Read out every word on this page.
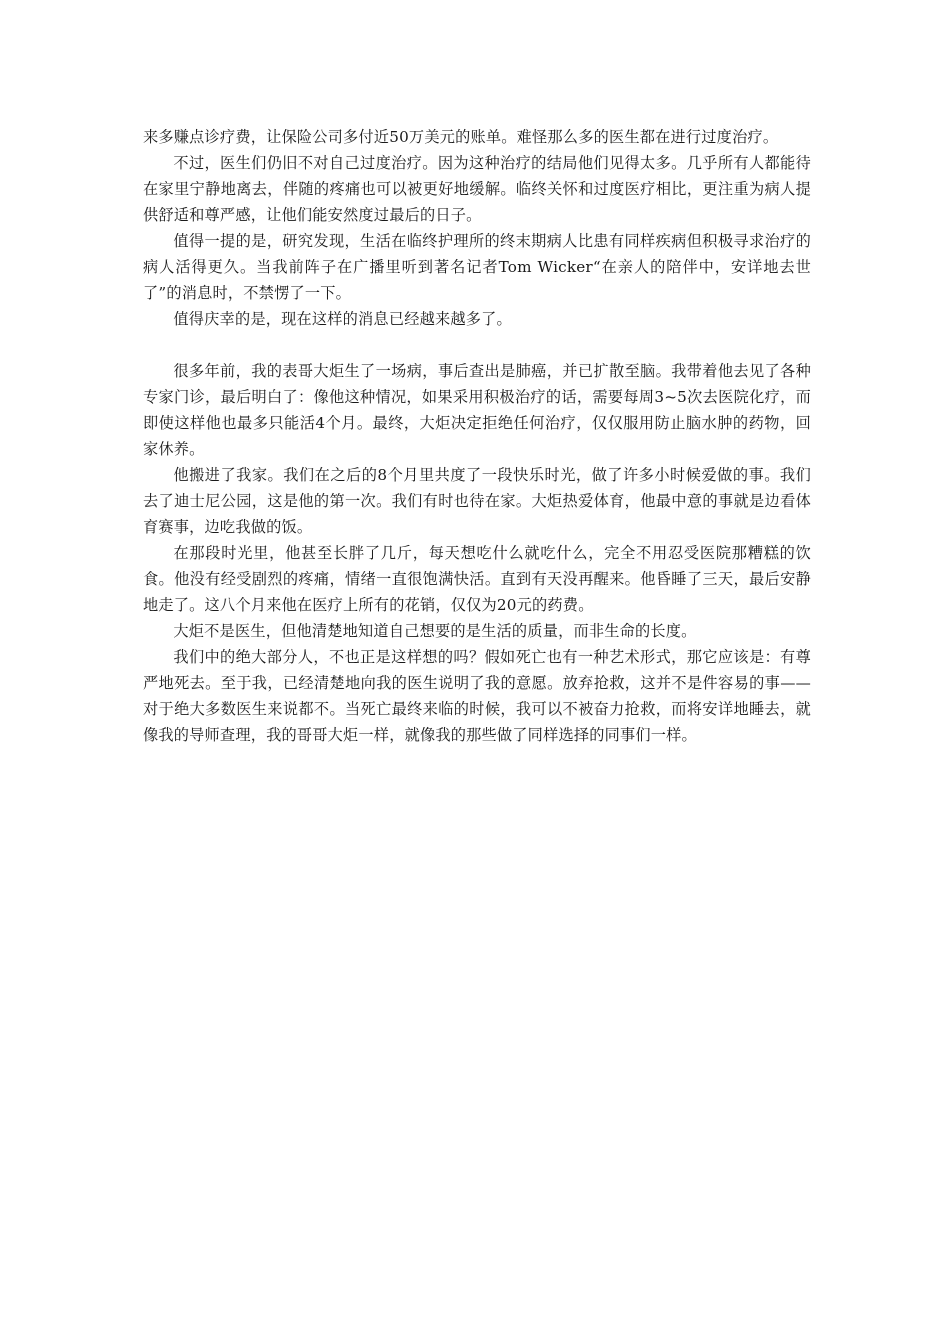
来多赚点诊疗费，让保险公司多付近50万美元的账单。难怪那么多的医生都在进行过度治疗。

不过，医生们仍旧不对自己过度治疗。因为这种治疗的结局他们见得太多。几乎所有人都能待在家里宁静地离去，伴随的疼痛也可以被更好地缓解。临终关怀和过度医疗相比，更注重为病人提供舒适和尊严感，让他们能安然度过最后的日子。

值得一提的是，研究发现，生活在临终护理所的终末期病人比患有同样疾病但积极寻求治疗的病人活得更久。当我前阵子在广播里听到著名记者Tom Wicker“在亲人的陪伴中，安详地去世了”的消息时，不禁愣了一下。

值得庆幸的是，现在这样的消息已经越来越多了。

很多年前，我的表哥大炬生了一场病，事后查出是肺癌，并已扩散至脑。我带着他去见了各种专家门诊，最后明白了：像他这种情况，如果采用积极治疗的话，需要每周3~5次去医院化疗，而即使这样他也最多只能活4个月。最终，大炬决定拒绝任何治疗，仅仅服用防止脑水肿的药物，回家休养。

他搬进了我家。我们在之后的8个月里共度了一段快乐时光，做了许多小时候爱做的事。我们去了迪士尼公园，这是他的第一次。我们有时也待在家。大炬热爱体育，他最中意的事就是边看体育赛事，边吃我做的饭。

在那段时光里，他甚至长胖了几斤，每天想吃什么就吃什么，完全不用忍受医院那糟糕的饮食。他没有经受剧烈的疼痛，情绪一直很饱满快活。直到有天没再醒来。他昏睡了三天，最后安静地走了。这八个月来他在医疗上所有的花销，仅仅为20元的药费。

大炬不是医生，但他清楚地知道自己想要的是生活的质量，而非生命的长度。

我们中的绝大部分人，不也正是这样想的吗？假如死亡也有一种艺术形式，那它应该是：有尊严地死去。至于我，已经清楚地向我的医生说明了我的意愿。放弃抢救，这并不是件容易的事——对于绝大多数医生来说都不。当死亡最终来临的时候，我可以不被奋力抢救，而将安详地睡去，就像我的导师查理，我的哥哥大炬一样，就像我的那些做了同样选择的同事们一样。
